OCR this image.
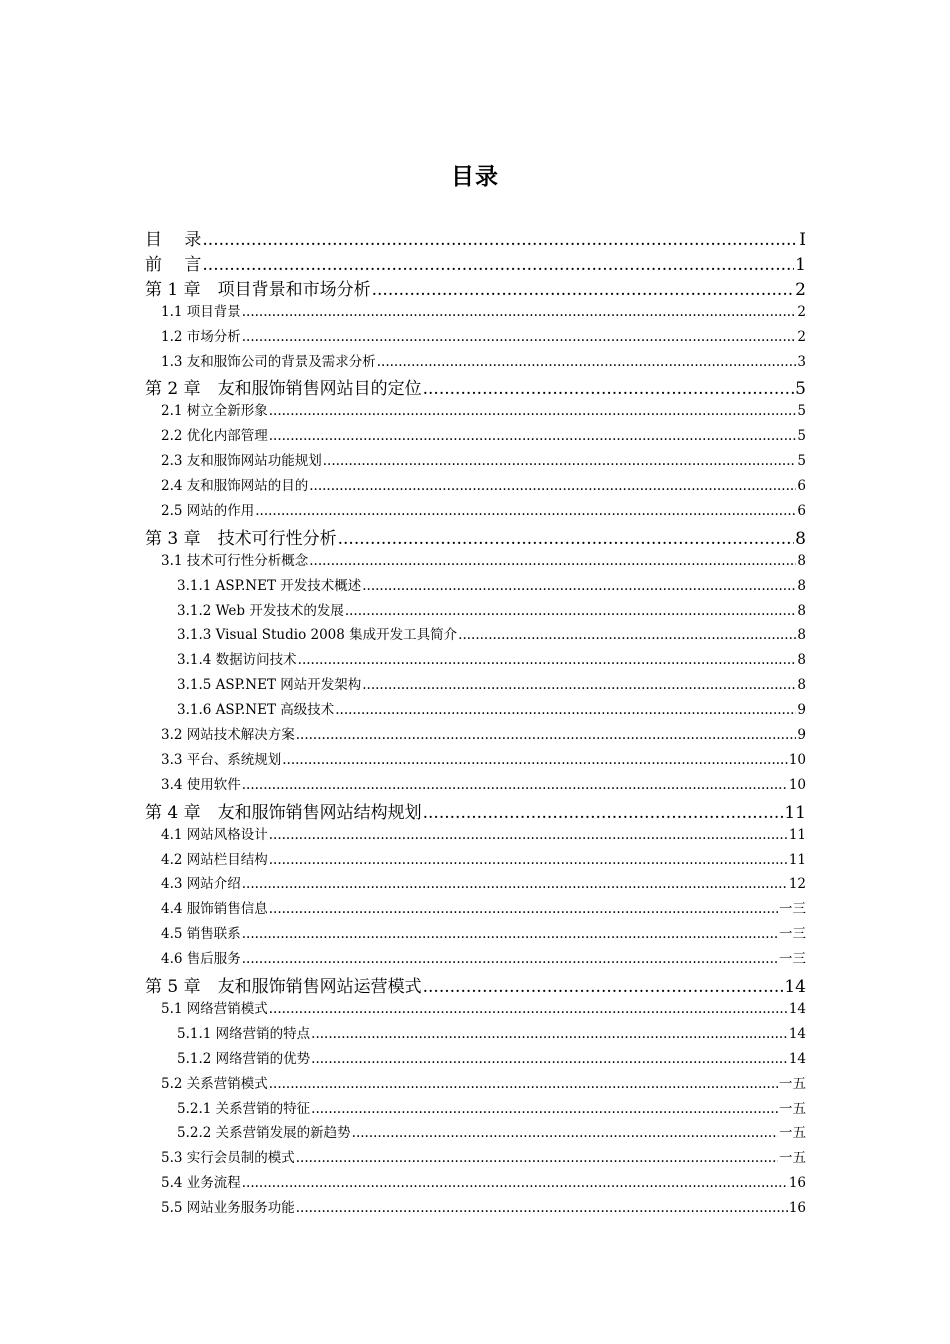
目录
目　 录 .....	I
前　 言 .....	1
第 1 章　项目背景和市场分析 .....	2
1.1 项目背景 .....	2
1.2 市场分析 .....	2
1.3 友和服饰公司的背景及需求分析 .....	3
第 2 章　友和服饰销售网站目的定位 .....	5
2.1 树立全新形象 .....	5
2.2 优化内部管理 .....	5
2.3 友和服饰网站功能规划 .....	5
2.4 友和服饰网站的目的 .....	6
2.5 网站的作用 .....	6
第 3 章　技术可行性分析 .....	8
3.1 技术可行性分析概念 .....	8
3.1.1 ASP.NET 开发技术概述 .....	8
3.1.2 Web 开发技术的发展 .....	8
3.1.3 Visual Studio 2008 集成开发工具简介 .....	8
3.1.4 数据访问技术 .....	8
3.1.5 ASP.NET 网站开发架构 .....	8
3.1.6 ASP.NET 高级技术 .....	9
3.2 网站技术解决方案 .....	9
3.3 平台、系统规划 .....	10
3.4 使用软件 .....	10
第 4 章　友和服饰销售网站结构规划 .....	11
4.1 网站风格设计 .....	11
4.2 网站栏目结构 .....	11
4.3 网站介绍 .....	12
4.4 服饰销售信息 .....	一三
4.5 销售联系 .....	一三
4.6 售后服务 .....	一三
第 5 章　友和服饰销售网站运营模式 .....	14
5.1 网络营销模式 .....	14
5.1.1 网络营销的特点 .....	14
5.1.2 网络营销的优势 .....	14
5.2 关系营销模式 .....	一五
5.2.1 关系营销的特征 .....	一五
5.2.2 关系营销发展的新趋势 .....	一五
5.3 实行会员制的模式 .....	一五
5.4 业务流程 .....	16
5.5 网站业务服务功能 .....	16
